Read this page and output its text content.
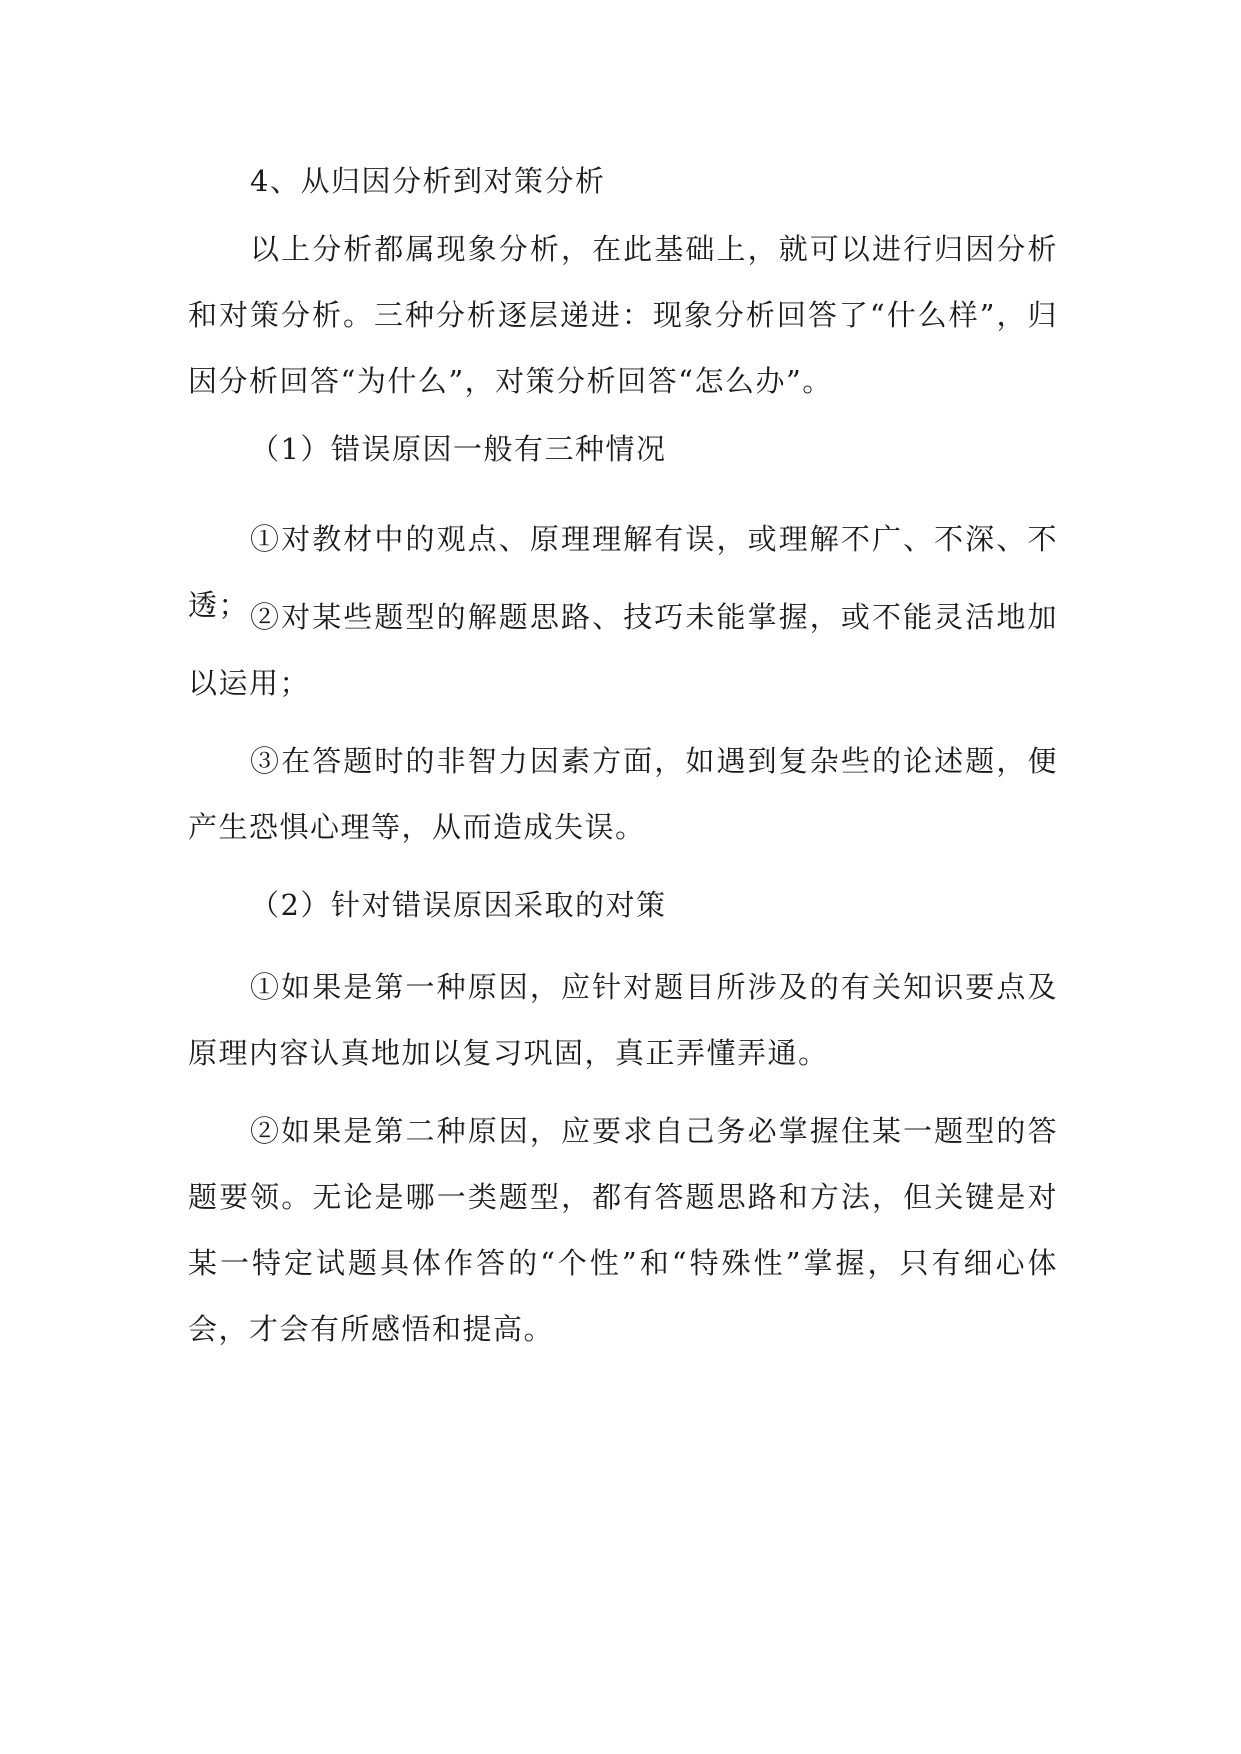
4、从归因分析到对策分析

以上分析都属现象分析，在此基础上，就可以进行归因分析和对策分析。三种分析逐层递进：现象分析回答了“什么样”，归因分析回答“为什么”，对策分析回答“怎么办”。

（1）错误原因一般有三种情况

①对教材中的观点、原理理解有误，或理解不广、不深、不透； ②对某些题型的解题思路、技巧未能掌握，或不能灵活地加以运用；

③在答题时的非智力因素方面，如遇到复杂些的论述题，便产生恐惧心理等，从而造成失误。

（2）针对错误原因采取的对策

①如果是第一种原因，应针对题目所涉及的有关知识要点及原理内容认真地加以复习巩固，真正弄懂弄通。

②如果是第二种原因，应要求自己务必掌握住某一题型的答题要领。无论是哪一类题型，都有答题思路和方法，但关键是对某一特定试题具体作答的“个性”和“特殊性”掌握，只有细心体会，才会有所感悟和提高。
